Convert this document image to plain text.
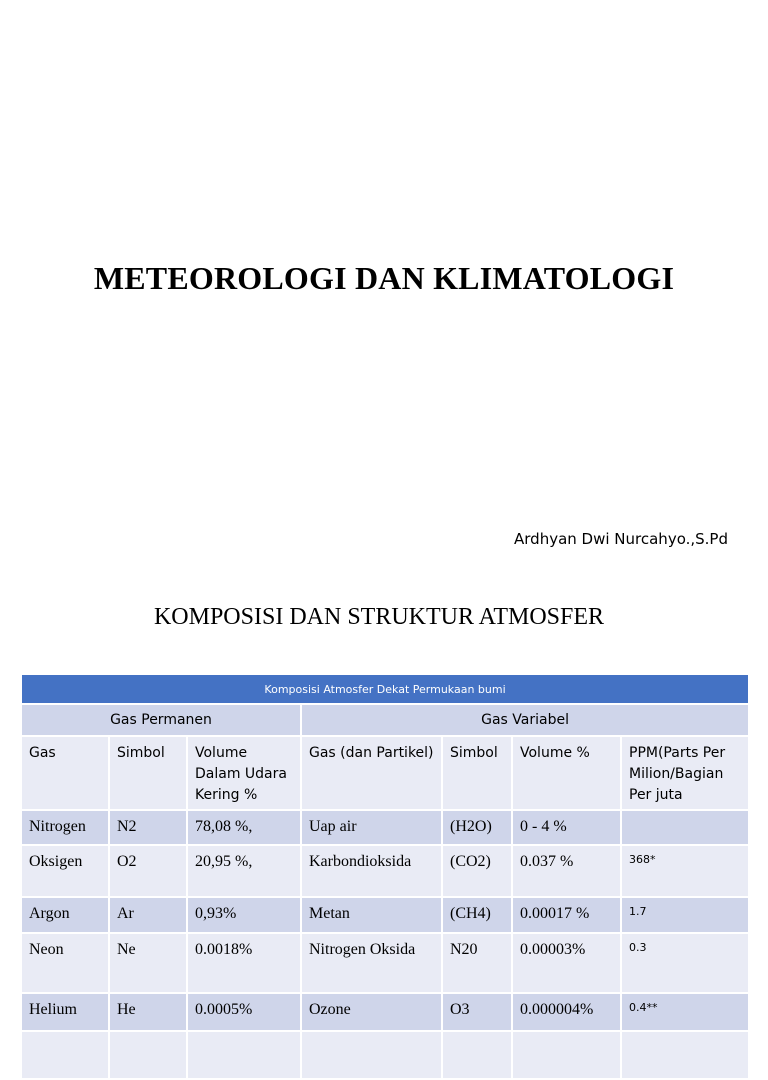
METEOROLOGI DAN KLIMATOLOGI
Ardhyan Dwi Nurcahyo.,S.Pd
KOMPOSISI DAN STRUKTUR ATMOSFER
Komposisi Atmosfer Dekat Permukaan bumi						
Gas Permanen			Gas Variabel			
Gas	Simbol	Volume Dalam Udara Kering %	Gas (dan Partikel)	Simbol	Volume %	PPM(Parts Per Milion/Bagian Per juta
Nitrogen	N2	78,08 %,	Uap air	(H2O)	0 - 4 %	
Oksigen	O2	20,95 %,	Karbondioksida	(CO2)	0.037 %	368*
Argon	Ar	0,93%	Metan	(CH4)	0.00017 %	1.7
Neon	Ne	0.0018%	Nitrogen Oksida	N20	0.00003%	0.3
Helium	He	0.0005%	Ozone	O3	0.000004%	0.4**
